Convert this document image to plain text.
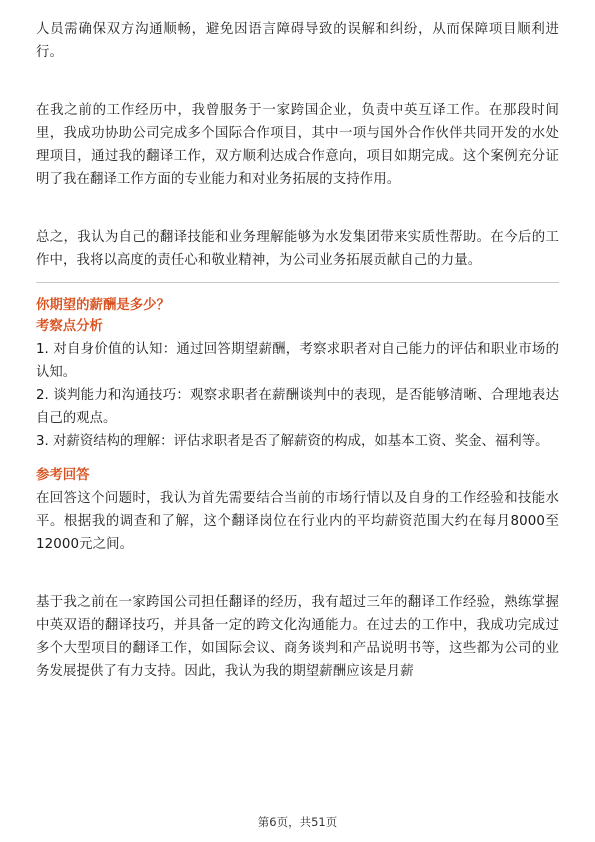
人员需确保双方沟通顺畅，避免因语言障碍导致的误解和纠纷，从而保障项目顺利进行。

在我之前的工作经历中，我曾服务于一家跨国企业，负责中英互译工作。在那段时间里，我成功协助公司完成多个国际合作项目，其中一项与国外合作伙伴共同开发的水处理项目，通过我的翻译工作，双方顺利达成合作意向，项目如期完成。这个案例充分证明了我在翻译工作方面的专业能力和对业务拓展的支持作用。

总之，我认为自己的翻译技能和业务理解能够为水发集团带来实质性帮助。在今后的工作中，我将以高度的责任心和敬业精神，为公司业务拓展贡献自己的力量。

你期望的薪酬是多少？

考察点分析

1. 对自身价值的认知：通过回答期望薪酬，考察求职者对自己能力的评估和职业市场的认知。

2. 谈判能力和沟通技巧：观察求职者在薪酬谈判中的表现，是否能够清晰、合理地表达自己的观点。

3. 对薪资结构的理解：评估求职者是否了解薪资的构成，如基本工资、奖金、福利等。

参考回答

在回答这个问题时，我认为首先需要结合当前的市场行情以及自身的工作经验和技能水平。根据我的调查和了解，这个翻译岗位在行业内的平均薪资范围大约在每月8000至12000元之间。

基于我之前在一家跨国公司担任翻译的经历，我有超过三年的翻译工作经验，熟练掌握中英双语的翻译技巧，并具备一定的跨文化沟通能力。在过去的工作中，我成功完成过多个大型项目的翻译工作，如国际会议、商务谈判和产品说明书等，这些都为公司的业务发展提供了有力支持。因此，我认为我的期望薪酬应该是月薪

第6页，共51页
